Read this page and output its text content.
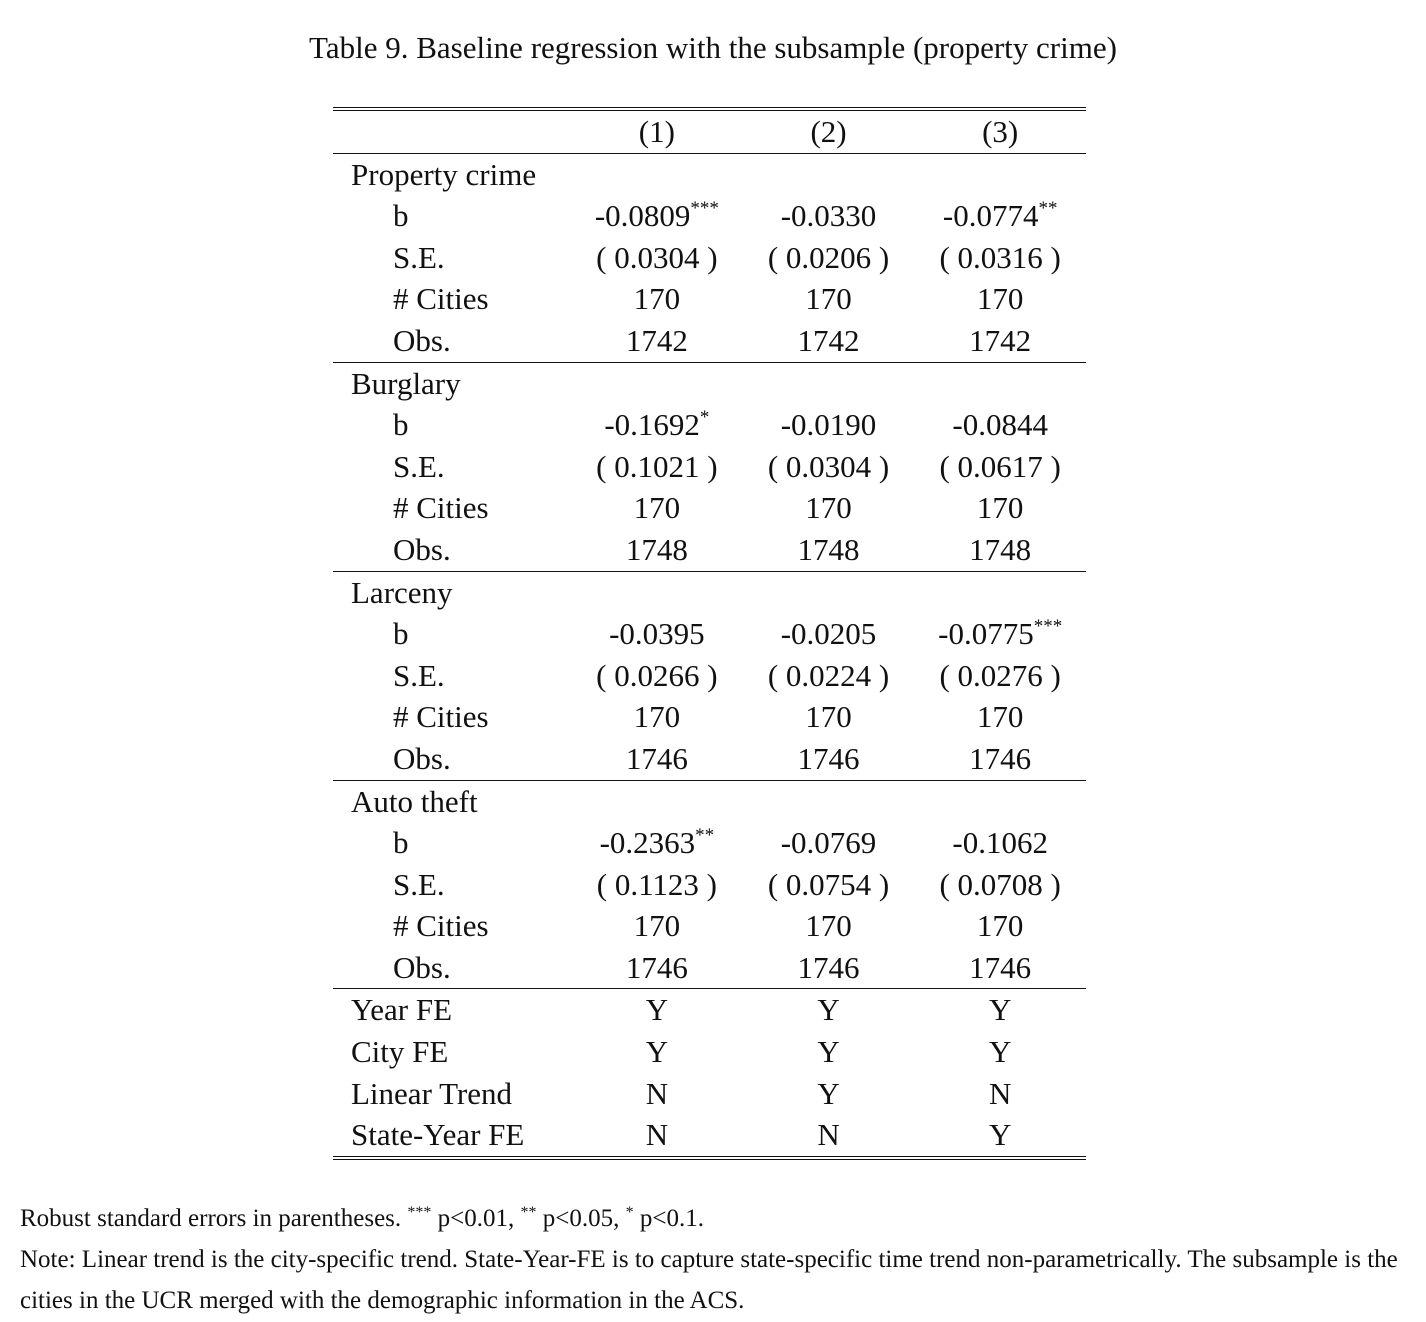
Table 9. Baseline regression with the subsample (property crime)
	(1)	(2)	(3)
Property crime			
b	-0.0809***	-0.0330	-0.0774**
S.E.	( 0.0304 )	( 0.0206 )	( 0.0316 )
# Cities	170	170	170
Obs.	1742	1742	1742
Burglary			
b	-0.1692*	-0.0190	-0.0844
S.E.	( 0.1021 )	( 0.0304 )	( 0.0617 )
# Cities	170	170	170
Obs.	1748	1748	1748
Larceny			
b	-0.0395	-0.0205	-0.0775***
S.E.	( 0.0266 )	( 0.0224 )	( 0.0276 )
# Cities	170	170	170
Obs.	1746	1746	1746
Auto theft			
b	-0.2363**	-0.0769	-0.1062
S.E.	( 0.1123 )	( 0.0754 )	( 0.0708 )
# Cities	170	170	170
Obs.	1746	1746	1746
Year FE	Y	Y	Y
City FE	Y	Y	Y
Linear Trend	N	Y	N
State-Year FE	N	N	Y

Robust standard errors in parentheses. *** p<0.01, ** p<0.05, * p<0.1.

Note: Linear trend is the city-specific trend. State-Year-FE is to capture state-specific time trend non-parametrically. The subsample is the cities in the UCR merged with the demographic information in the ACS.
